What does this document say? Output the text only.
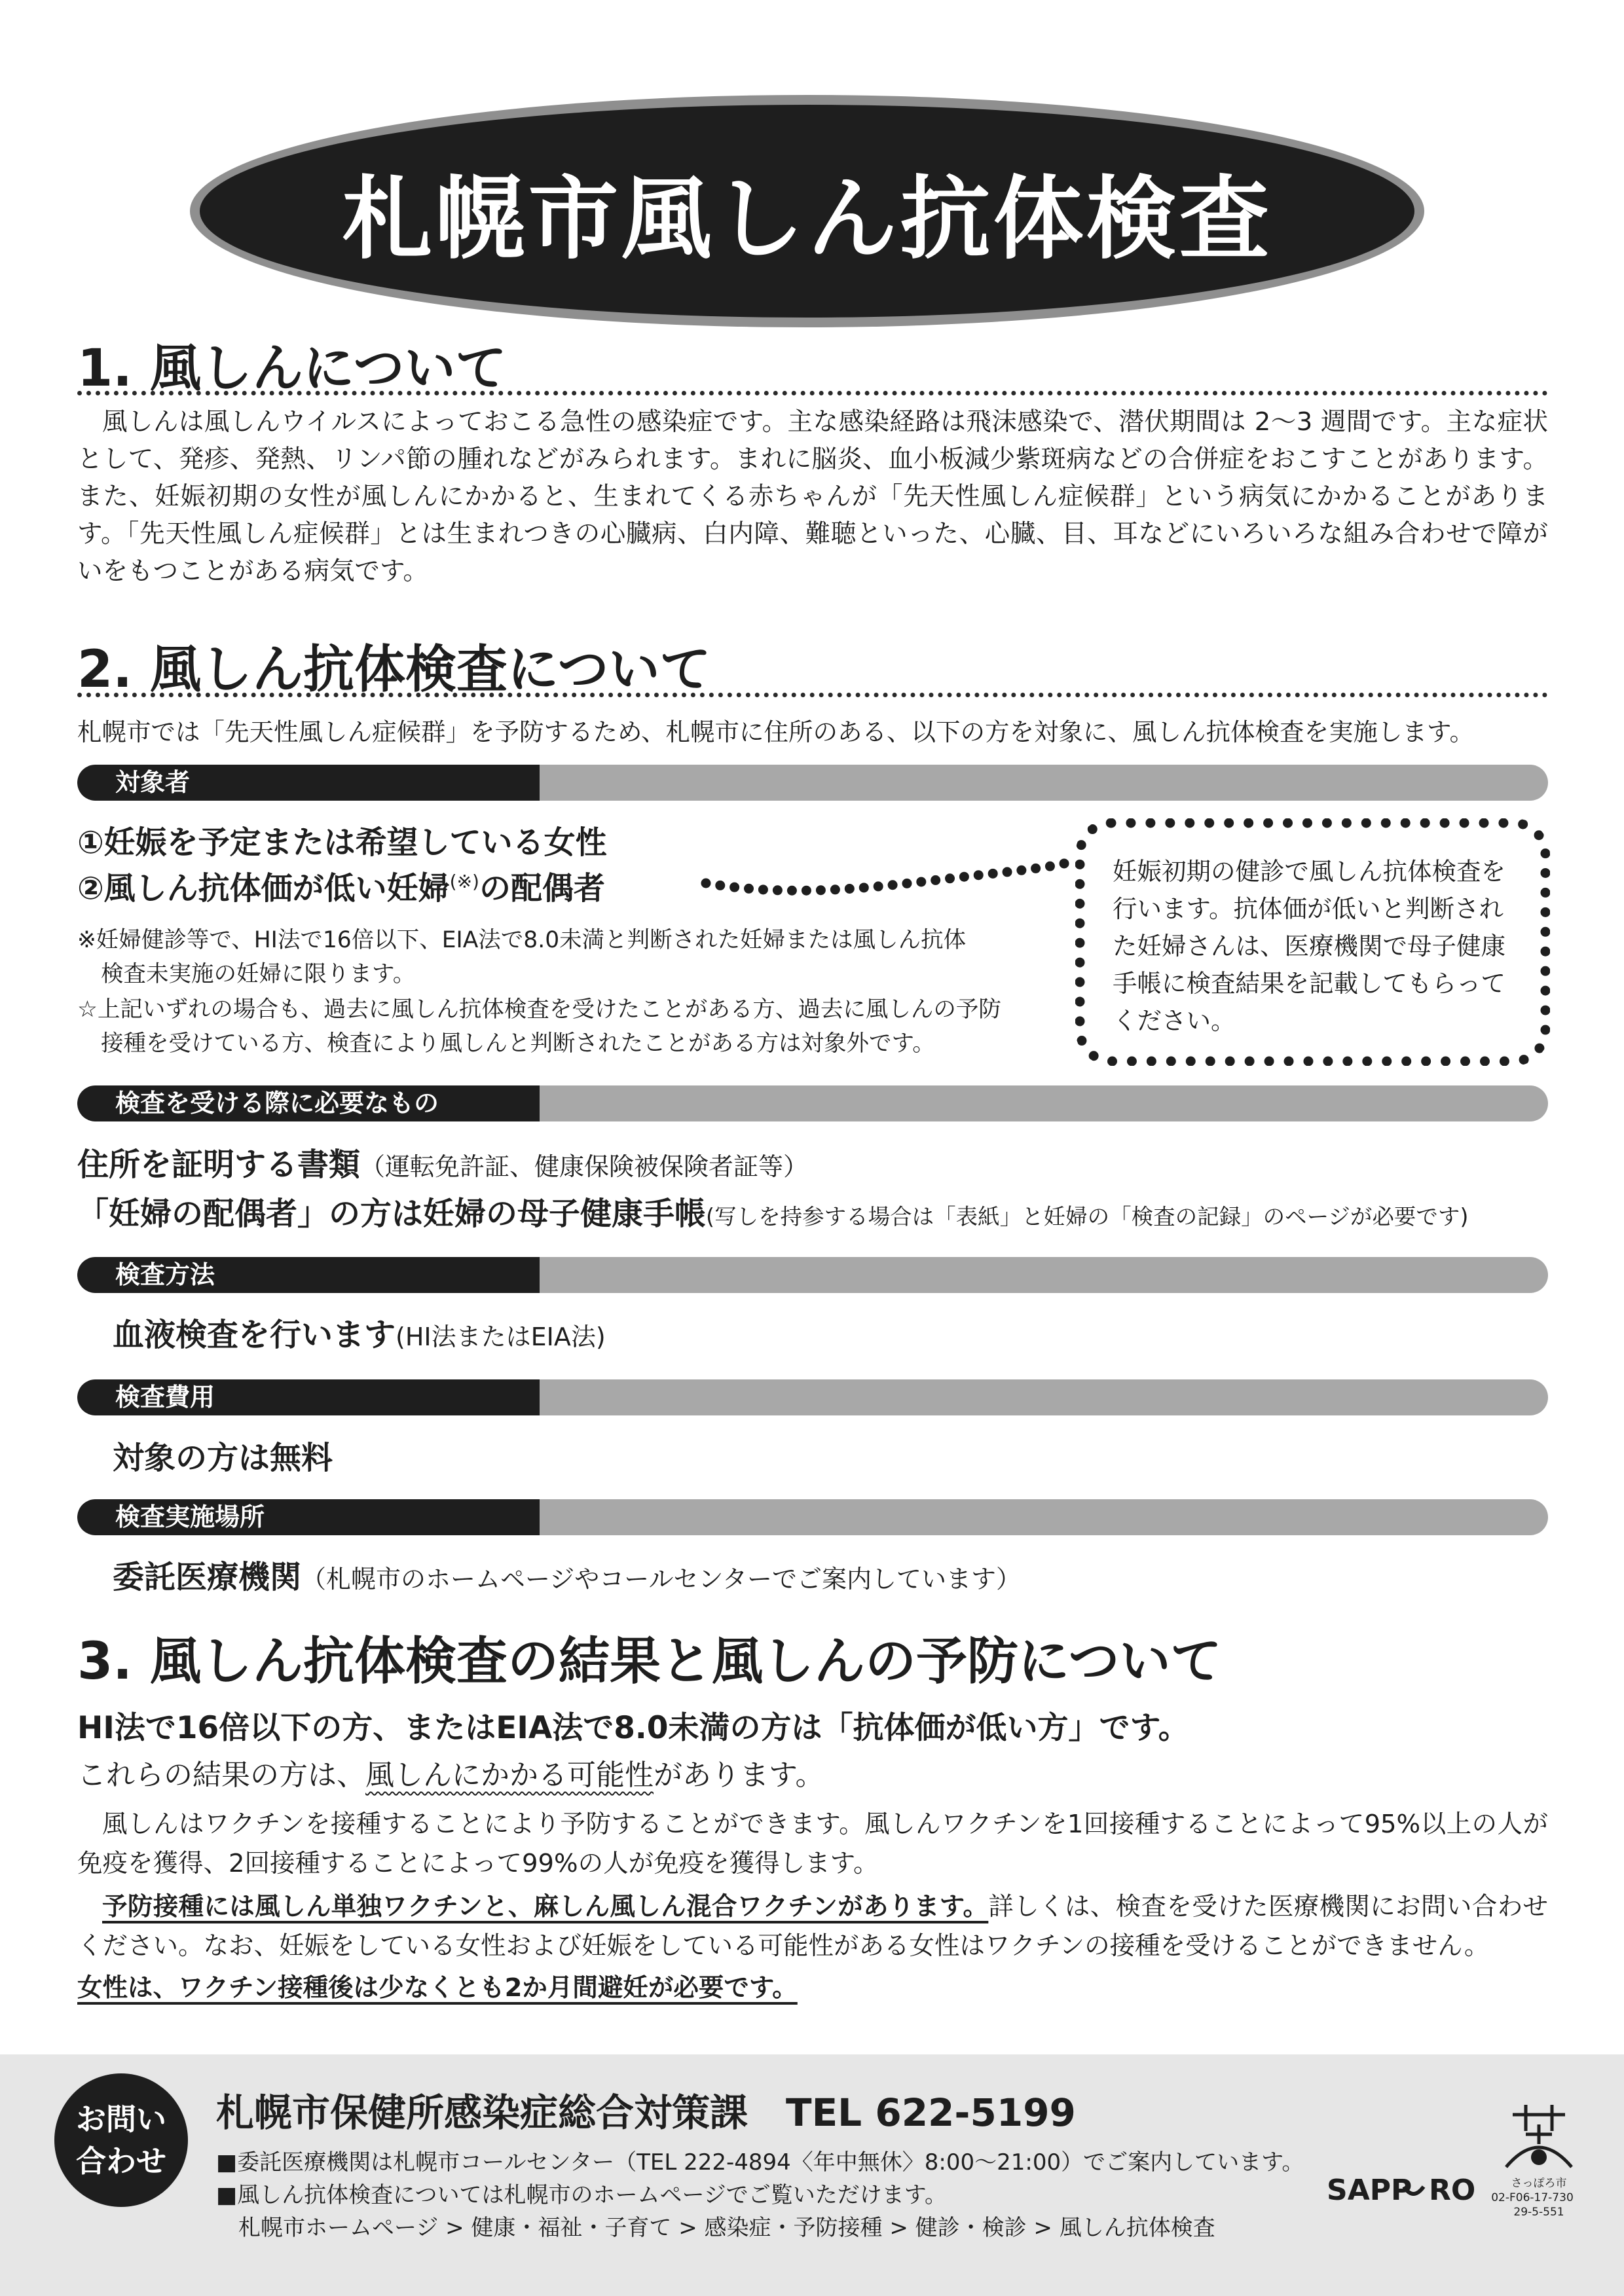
札幌市風しん抗体検査
1. 風しんについて

風しんは風しんウイルスによっておこる急性の感染症です。主な感染経路は飛沫感染で、潜伏期間は 2〜3 週間です。主な症状として、発疹、発熱、リンパ節の腫れなどがみられます。まれに脳炎、血小板減少紫斑病などの合併症をおこすことがあります。また、妊娠初期の女性が風しんにかかると、生まれてくる赤ちゃんが「先天性風しん症候群」という病気にかかることがあります。「先天性風しん症候群」とは生まれつきの心臓病、白内障、難聴といった、心臓、目、耳などにいろいろな組み合わせで障がいをもつことがある病気です。

2. 風しん抗体検査について
札幌市では「先天性風しん症候群」を予防するため、札幌市に住所のある、以下の方を対象に、風しん抗体検査を実施します。
対象者
①妊娠を予定または希望している女性
②風しん抗体価が低い妊婦(※)の配偶者
※妊婦健診等で、HI法で16倍以下、EIA法で8.0未満と判断された妊婦または風しん抗体
検査未実施の妊婦に限ります。
☆上記いずれの場合も、過去に風しん抗体検査を受けたことがある方、過去に風しんの予防
接種を受けている方、検査により風しんと判断されたことがある方は対象外です。
妊娠初期の健診で風しん抗体検査を行います。抗体価が低いと判断された妊婦さんは、医療機関で母子健康手帳に検査結果を記載してもらってください。
検査を受ける際に必要なもの
住所を証明する書類（運転免許証、健康保険被保険者証等）
「妊婦の配偶者」の方は妊婦の母子健康手帳(写しを持参する場合は「表紙」と妊婦の「検査の記録」のページが必要です)
検査方法
血液検査を行います(HI法またはEIA法)
検査費用
対象の方は無料
検査実施場所
委託医療機関（札幌市のホームページやコールセンターでご案内しています）
3. 風しん抗体検査の結果と風しんの予防について
HI法で16倍以下の方、またはEIA法で8.0未満の方は「抗体価が低い方」です。
これらの結果の方は、風しんにかかる可能性があります。

風しんはワクチンを接種することにより予防することができます。風しんワクチンを1回接種することによって95%以上の人が免疫を獲得、2回接種することによって99%の人が免疫を獲得します。

予防接種には風しん単独ワクチンと、麻しん風しん混合ワクチンがあります。詳しくは、検査を受けた医療機関にお問い合わせください。なお、妊娠をしている女性および妊娠をしている可能性がある女性はワクチンの接種を受けることができません。

女性は、ワクチン接種後は少なくとも2か月間避妊が必要です。

お問い
合わせ
札幌市保健所感染症総合対策課　TEL 622-5199
■委託医療機関は札幌市コールセンター（TEL 222-4894〈年中無休〉8:00〜21:00）でご案内しています。
■風しん抗体検査については札幌市のホームページでご覧いただけます。
札幌市ホームページ > 健康・福祉・子育て > 感染症・予防接種 > 健診・検診 > 風しん抗体検査
SAPP RO	さっぽろ市
02-F06-17-730
29-5-551
